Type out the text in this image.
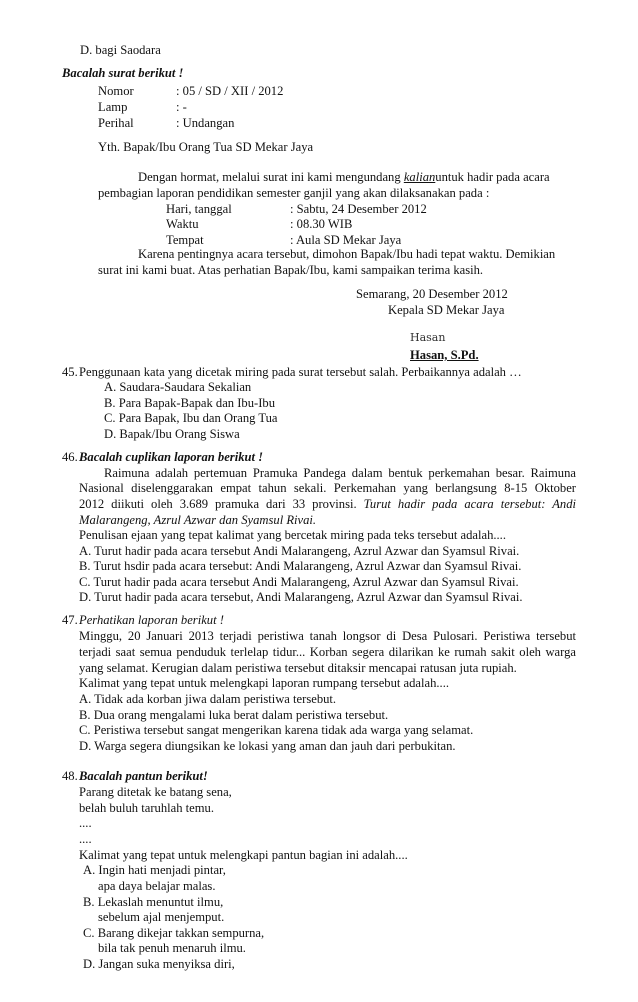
D. bagi Saodara
Bacalah surat berikut !
Nomor	: 05 / SD / XII / 2012
Lamp	: -
Perihal	: Undangan
Yth. Bapak/Ibu Orang Tua SD Mekar Jaya
Dengan hormat, melalui surat ini kami mengundang kalianuntuk hadir pada acara
pembagian laporan pendidikan semester ganjil yang akan dilaksanakan pada :
Hari, tanggal	: Sabtu, 24 Desember 2012
Waktu	: 08.30 WIB
Tempat	: Aula SD Mekar Jaya
Karena pentingnya acara tersebut, dimohon Bapak/Ibu hadi tepat waktu. Demikian
surat ini kami buat. Atas perhatian Bapak/Ibu, kami sampaikan terima kasih.
Semarang, 20 Desember 2012
Kepala SD Mekar Jaya
Hasan
Hasan, S.Pd.
45. Penggunaan kata yang dicetak miring pada surat tersebut salah. Perbaikannya adalah …
A. Saudara-Saudara Sekalian
B. Para Bapak-Bapak dan Ibu-Ibu
C. Para Bapak, Ibu dan Orang Tua
D. Bapak/Ibu Orang Siswa
46. Bacalah cuplikan laporan berikut !
Raimuna adalah pertemuan Pramuka Pandega dalam bentuk perkemahan besar. Raimuna
Nasional diselenggarakan empat tahun sekali. Perkemahan yang berlangsung 8-15 Oktober
2012 diikuti oleh 3.689 pramuka dari 33 provinsi. Turut hadir pada acara tersebut: Andi
Malarangeng, Azrul Azwar dan Syamsul Rivai.
Penulisan ejaan yang tepat kalimat yang bercetak miring pada teks tersebut adalah....
A. Turut hadir pada acara tersebut Andi Malarangeng, Azrul Azwar dan Syamsul Rivai.
B. Turut hsdir pada acara tersebut: Andi Malarangeng, Azrul Azwar dan Syamsul Rivai.
C. Turut hadir pada acara tersebut Andi Malarangeng, Azrul Azwar dan Syamsul Rivai.
D. Turut hadir pada acara tersebut, Andi Malarangeng, Azrul Azwar dan Syamsul Rivai.
47. Perhatikan laporan berikut !
Minggu, 20 Januari 2013 terjadi peristiwa tanah longsor di Desa Pulosari. Peristiwa tersebut
terjadi saat semua penduduk terlelap tidur... Korban segera dilarikan ke rumah sakit oleh warga
yang selamat. Kerugian dalam peristiwa tersebut ditaksir mencapai ratusan juta rupiah.
Kalimat yang tepat untuk melengkapi laporan rumpang tersebut adalah....
A. Tidak ada korban jiwa dalam peristiwa tersebut.
B. Dua orang mengalami luka berat dalam peristiwa tersebut.
C. Peristiwa tersebut sangat mengerikan karena tidak ada warga yang selamat.
D. Warga segera diungsikan ke lokasi yang aman dan jauh dari perbukitan.
48. Bacalah pantun berikut!
Parang ditetak ke batang sena,
belah buluh taruhlah temu.
....
....
Kalimat yang tepat untuk melengkapi pantun bagian ini adalah....
A. Ingin hati menjadi pintar,
apa daya belajar malas.
B. Lekaslah menuntut ilmu,
sebelum ajal menjemput.
C. Barang dikejar takkan sempurna,
bila tak penuh menaruh ilmu.
D. Jangan suka menyiksa diri,
